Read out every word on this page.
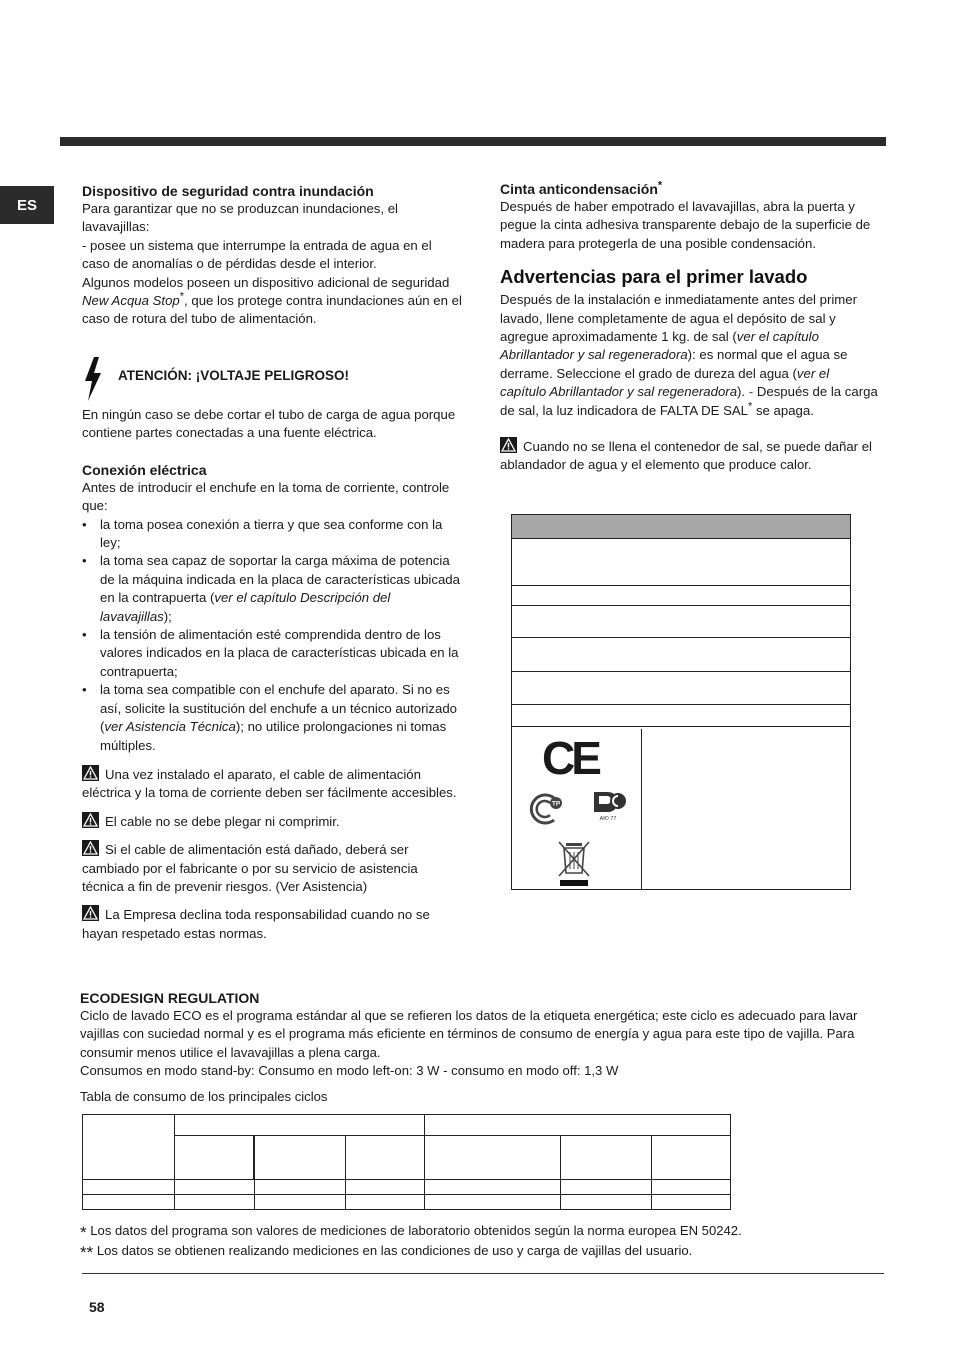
ES

Dispositivo de seguridad contra inundación

Para garantizar que no se produzcan inundaciones, el lavavajillas:

- posee un sistema que interrumpe la entrada de agua en el caso de anomalías o de pérdidas desde el interior.

Algunos modelos poseen un dispositivo adicional de seguridad New Acqua Stop*, que los protege contra inundaciones aún en el caso de rotura del tubo de alimentación.

ATENCIÓN: ¡VOLTAJE PELIGROSO!

En ningún caso se debe cortar el tubo de carga de agua porque contiene partes conectadas a una fuente eléctrica.

Conexión eléctrica

Antes de introducir el enchufe en la toma de corriente, controle que:

• la toma posea conexión a tierra y que sea conforme con la ley;

• la toma sea capaz de soportar la carga máxima de potencia de la máquina indicada en la placa de características ubicada en la contrapuerta (ver el capítulo Descripción del lavavajillas);

• la tensión de alimentación esté comprendida dentro de los valores indicados en la placa de características ubicada en la contrapuerta;

• la toma sea compatible con el enchufe del aparato. Si no es así, solicite la sustitución del enchufe a un técnico autorizado (ver Asistencia Técnica); no utilice prolongaciones ni tomas múltiples.

Una vez instalado el aparato, el cable de alimentación eléctrica y la toma de corriente deben ser fácilmente accesibles.

El cable no se debe plegar ni comprimir.

Si el cable de alimentación está dañado, deberá ser cambiado por el fabricante o por su servicio de asistencia técnica a fin de prevenir riesgos. (Ver Asistencia)

La Empresa declina toda responsabilidad cuando no se hayan respetado estas normas.

Cinta anticondensación*

Después de haber empotrado el lavavajillas, abra la puerta y pegue la cinta adhesiva transparente debajo de la superficie de madera para protegerla de una posible condensación.

Advertencias para el primer lavado

Después de la instalación e inmediatamente antes del primer lavado, llene completamente de agua el depósito de sal y agregue aproximadamente 1 kg. de sal (ver el capítulo Abrillantador y sal regeneradora): es normal que el agua se derrame. Seleccione el grado de dureza del agua (ver el capítulo Abrillantador y sal regeneradora). - Después de la carga de sal, la luz indicadora de FALTA DE SAL* se apaga.

Cuando no se llena el contenedor de sal, se puede dañar el ablandador de agua y el elemento que produce calor.

CE
ТР
АЮ 77

ECODESIGN REGULATION

Ciclo de lavado ECO es el programa estándar al que se refieren los datos de la etiqueta energética; este ciclo es adecuado para lavar vajillas con suciedad normal y es el programa más eficiente en términos de consumo de energía y agua para este tipo de vajilla. Para consumir menos utilice el lavavajillas a plena carga.

Consumos en modo stand-by: Consumo en modo left-on: 3 W - consumo en modo off: 1,3 W

Tabla de consumo de los principales ciclos

* Los datos del programa son valores de mediciones de laboratorio obtenidos según la norma europea EN 50242.

** Los datos se obtienen realizando mediciones en las condiciones de uso y carga de vajillas del usuario.

58
